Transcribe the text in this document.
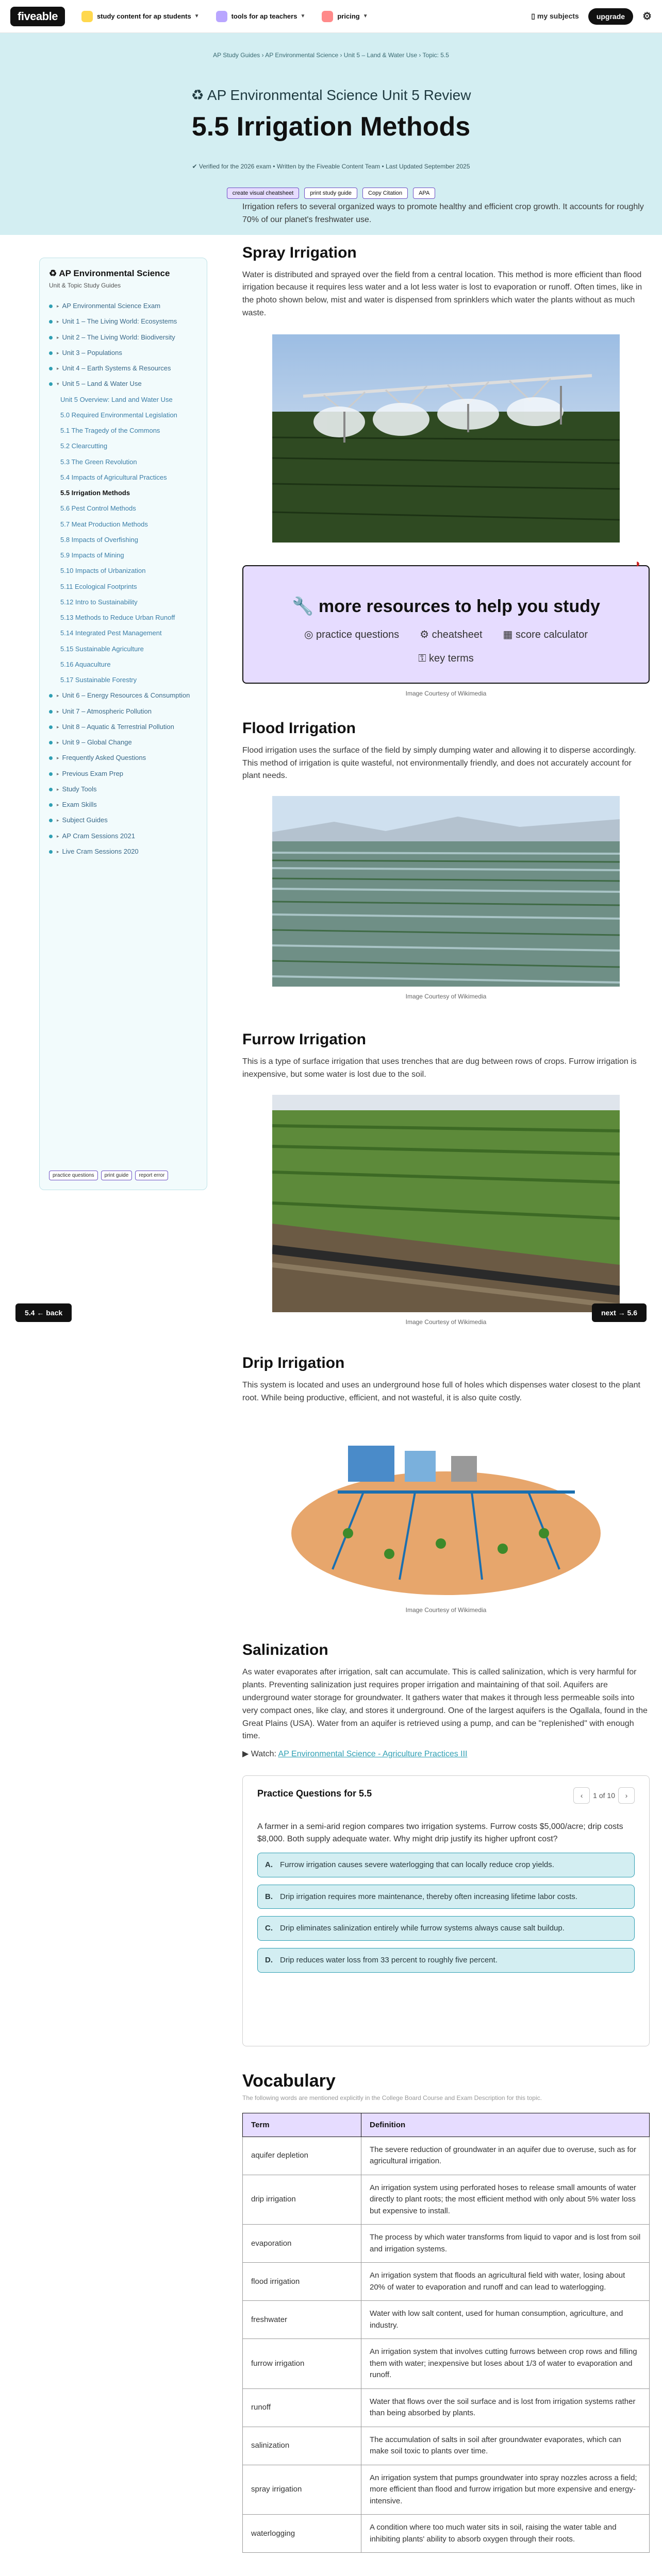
fiveable	study content for ap students ▼	tools for ap teachers ▼	pricing ▼	▯ my subjects	upgrade	⚙
AP Study Guides › AP Environmental Science › Unit 5 – Land & Water Use › Topic: 5.5
♻ AP Environmental Science Unit 5 Review
5.5 Irrigation Methods
✔ Verified for the 2026 exam • Written by the Fiveable Content Team • Last Updated September 2025
create visual cheatsheet	print study guide	Copy Citation	APA
♻ AP Environmental Science
Unit & Topic Study Guides
▸ AP Environmental Science Exam
▸ Unit 1 – The Living World: Ecosystems
▸ Unit 2 – The Living World: Biodiversity
▸ Unit 3 – Populations
▸ Unit 4 – Earth Systems & Resources
▾ Unit 5 – Land & Water Use
Unit 5 Overview: Land and Water Use
5.0 Required Environmental Legislation
5.1 The Tragedy of the Commons
5.2 Clearcutting
5.3 The Green Revolution
5.4 Impacts of Agricultural Practices
5.5 Irrigation Methods
5.6 Pest Control Methods
5.7 Meat Production Methods
5.8 Impacts of Overfishing
5.9 Impacts of Mining
5.10 Impacts of Urbanization
5.11 Ecological Footprints
5.12 Intro to Sustainability
5.13 Methods to Reduce Urban Runoff
5.14 Integrated Pest Management
5.15 Sustainable Agriculture
5.16 Aquaculture
5.17 Sustainable Forestry
▸ Unit 6 – Energy Resources & Consumption
▸ Unit 7 – Atmospheric Pollution
▸ Unit 8 – Aquatic & Terrestrial Pollution
▸ Unit 9 – Global Change
▸ Frequently Asked Questions
▸ Previous Exam Prep
▸ Study Tools
▸ Exam Skills
▸ Subject Guides
▸ AP Cram Sessions 2021
▸ Live Cram Sessions 2020
practice questions	print guide	report error

Irrigation refers to several organized ways to promote healthy and efficient crop growth. It accounts for roughly 70% of our planet's freshwater use.

Spray Irrigation

Water is distributed and sprayed over the field from a central location. This method is more efficient than flood irrigation because it requires less water and a lot less water is lost to evaporation or runoff. Often times, like in the photo shown below, mist and water is dispensed from sprinklers which water the plants without as much waste.

◗
🔧 more resources to help you study
◎ practice questions ⚙ cheatsheet ▦ score calculator
⚿ key terms
Image Courtesy of Wikimedia
Flood Irrigation

Flood irrigation uses the surface of the field by simply dumping water and allowing it to disperse accordingly. This method of irrigation is quite wasteful, not environmentally friendly, and does not accurately account for plant needs.

Image Courtesy of Wikimedia
Furrow Irrigation

This is a type of surface irrigation that uses trenches that are dug between rows of crops. Furrow irrigation is inexpensive, but some water is lost due to the soil.

Image Courtesy of Wikimedia
Drip Irrigation

This system is located and uses an underground hose full of holes which dispenses water closest to the plant root. While being productive, efficient, and not wasteful, it is also quite costly.

Image Courtesy of Wikimedia
Salinization

As water evaporates after irrigation, salt can accumulate. This is called salinization, which is very harmful for plants. Preventing salinization just requires proper irrigation and maintaining of that soil. Aquifers are underground water storage for groundwater. It gathers water that makes it through less permeable soils into very compact ones, like clay, and stores it underground. One of the largest aquifers is the Ogallala, found in the Great Plains (USA). Water from an aquifer is retrieved using a pump, and can be "replenished" with enough time.

▶ Watch: AP Environmental Science - Agriculture Practices III

Practice Questions for 5.5	‹	1 of 10	›

A farmer in a semi-arid region compares two irrigation systems. Furrow costs $5,000/acre; drip costs $8,000. Both supply adequate water. Why might drip justify its higher upfront cost?

A. Furrow irrigation causes severe waterlogging that can locally reduce crop yields.
B. Drip irrigation requires more maintenance, thereby often increasing lifetime labor costs.
C. Drip eliminates salinization entirely while furrow systems always cause salt buildup.
D. Drip reduces water loss from 33 percent to roughly five percent.
Vocabulary

The following words are mentioned explicitly in the College Board Course and Exam Description for this topic.

Term	Definition
aquifer depletion	The severe reduction of groundwater in an aquifer due to overuse, such as for agricultural irrigation.
drip irrigation	An irrigation system using perforated hoses to release small amounts of water directly to plant roots; the most efficient method with only about 5% water loss but expensive to install.
evaporation	The process by which water transforms from liquid to vapor and is lost from soil and irrigation systems.
flood irrigation	An irrigation system that floods an agricultural field with water, losing about 20% of water to evaporation and runoff and can lead to waterlogging.
freshwater	Water with low salt content, used for human consumption, agriculture, and industry.
furrow irrigation	An irrigation system that involves cutting furrows between crop rows and filling them with water; inexpensive but loses about 1/3 of water to evaporation and runoff.
runoff	Water that flows over the soil surface and is lost from irrigation systems rather than being absorbed by plants.
salinization	The accumulation of salts in soil after groundwater evaporates, which can make soil toxic to plants over time.
spray irrigation	An irrigation system that pumps groundwater into spray nozzles across a field; more efficient than flood and furrow irrigation but more expensive and energy-intensive.
waterlogging	A condition where too much water sits in soil, raising the water table and inhibiting plants' ability to absorb oxygen through their roots.
5.4 ← back	next → 5.6
